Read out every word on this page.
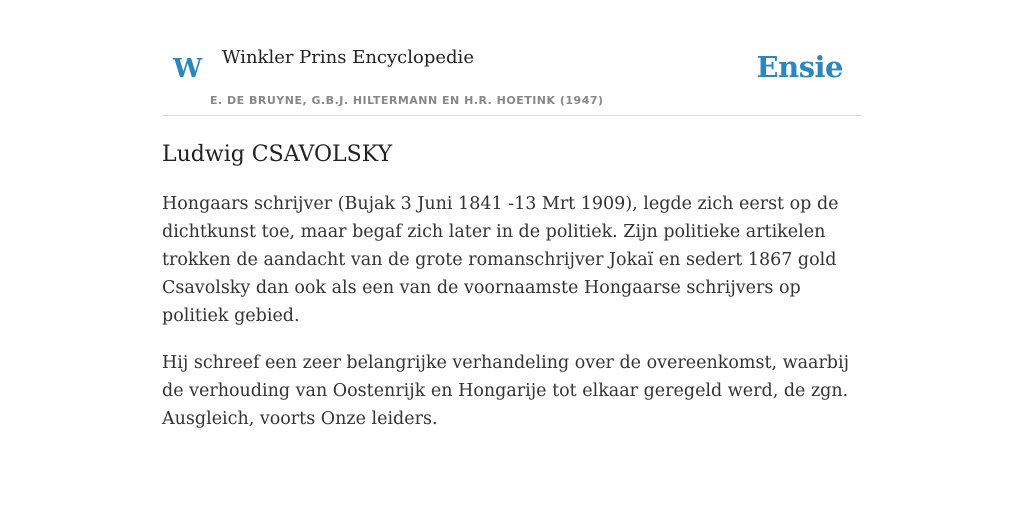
W Winkler Prins Encyclopedie
E. DE BRUYNE, G.B.J. HILTERMANN EN H.R. HOETINK (1947)
Ensie
Ludwig CSAVOLSKY

Hongaars schrijver (Bujak 3 Juni 1841 -13 Mrt 1909), legde zich eerst op de dichtkunst toe, maar begaf zich later in de politiek. Zijn politieke artikelen trokken de aandacht van de grote romanschrijver Jokaï en sedert 1867 gold Csavolsky dan ook als een van de voornaamste Hongaarse schrijvers op politiek gebied.

Hij schreef een zeer belangrijke verhandeling over de overeenkomst, waarbij de verhouding van Oostenrijk en Hongarije tot elkaar geregeld werd, de zgn. Ausgleich, voorts Onze leiders.
